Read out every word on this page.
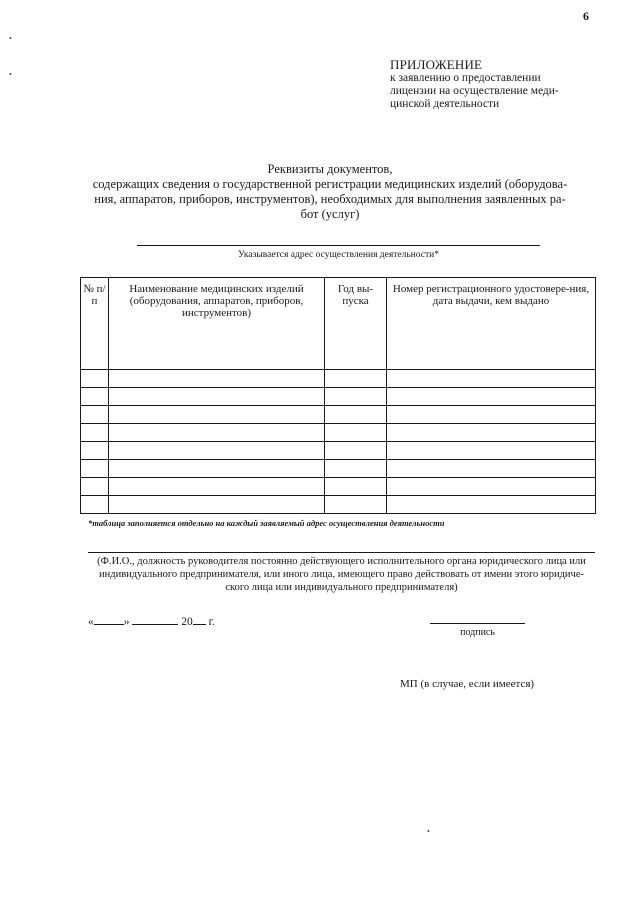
6
•
•
•
ПРИЛОЖЕНИЕ
к заявлению о предоставлении
лицензии на осуществление меди-
цинской деятельности
Реквизиты документов,
содержащих сведения о государственной регистрации медицинских изделий (оборудова-
ния, аппаратов, приборов, инструментов), необходимых для выполнения заявленных ра-
бот (услуг)
Указывается адрес осуществления деятельности*
№ п/п	Наименование медицинских изделий (оборудования, аппаратов, приборов, инструментов)	Год вы-пуска	Номер регистрационного удостовере-ния, дата выдачи, кем выдано

*таблица заполняется отдельно на каждый заявляемый адрес осуществления деятельности
(Ф.И.О., должность руководителя постоянно действующего исполнительного органа юридического лица или
индивидуального предпринимателя, или иного лица, имеющего право действовать от имени этого юридиче-
ского лица или индивидуального предпринимателя)
«	»	20 г.
подпись
МП (в случае, если имеется)
